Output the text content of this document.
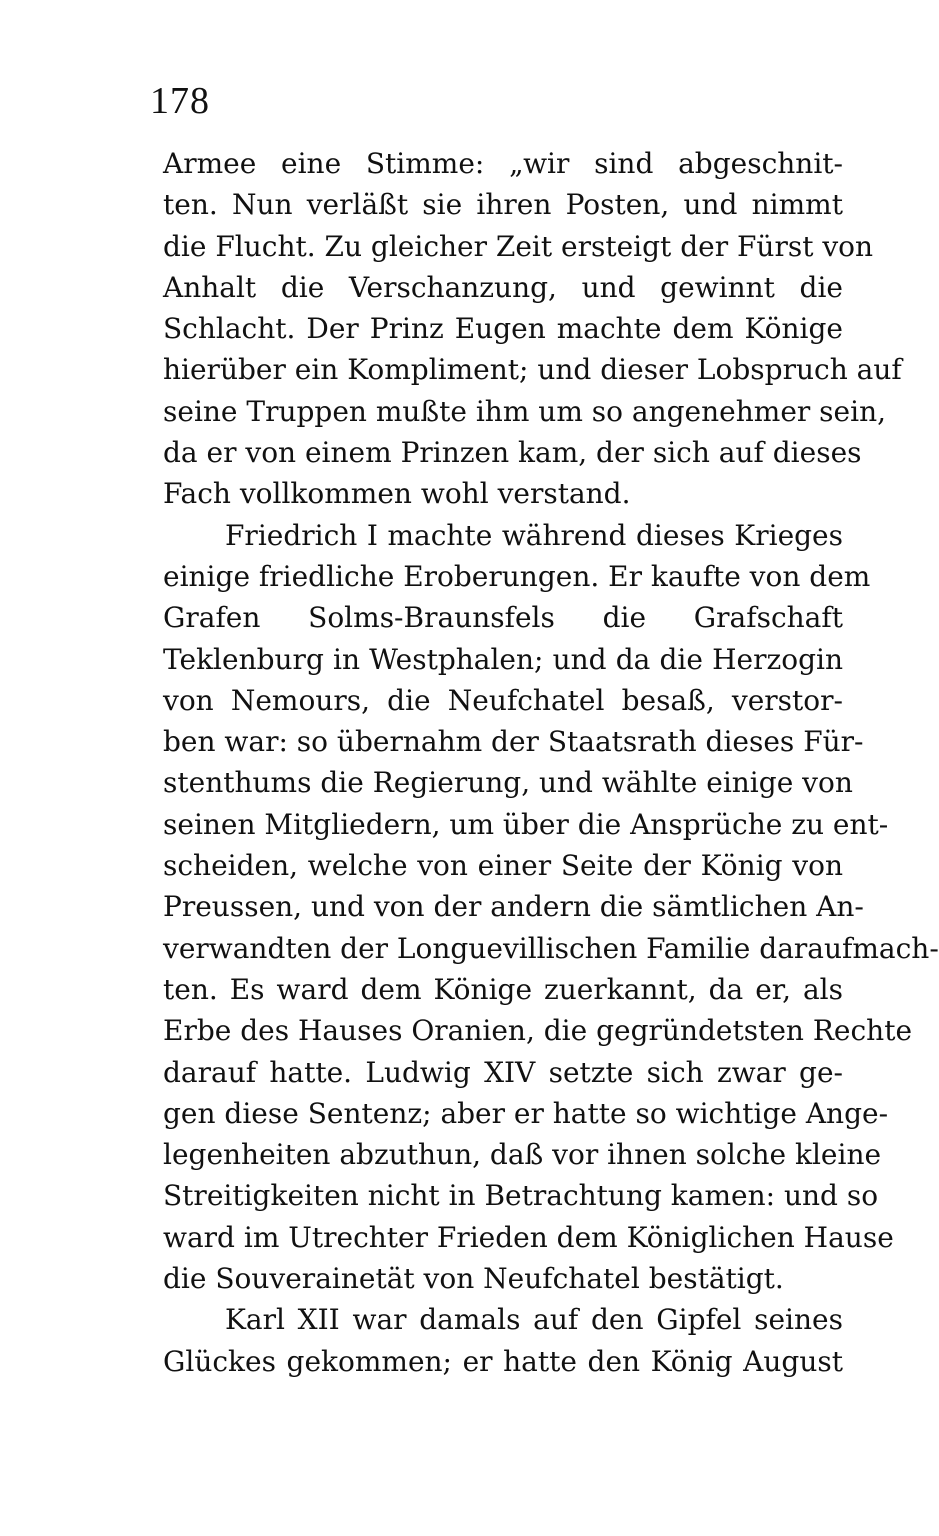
178
Armee eine Stimme: „wir sind abgeschnit-
ten. Nun verläßt sie ihren Posten, und nimmt
die Flucht. Zu gleicher Zeit ersteigt der Fürst von
Anhalt die Verschanzung, und gewinnt die
Schlacht. Der Prinz Eugen machte dem Könige
hierüber ein Kompliment; und dieser Lobspruch auf
seine Truppen mußte ihm um so angenehmer sein,
da er von einem Prinzen kam, der sich auf dieses
Fach vollkommen wohl verstand.
Friedrich I machte während dieses Krieges
einige friedliche Eroberungen. Er kaufte von dem
Grafen Solms-Braunsfels die Grafschaft
Teklenburg in Westphalen; und da die Herzogin
von Nemours, die Neufchatel besaß, verstor-
ben war: so übernahm der Staatsrath dieses Für-
stenthums die Regierung, und wählte einige von
seinen Mitgliedern, um über die Ansprüche zu ent-
scheiden, welche von einer Seite der König von
Preussen, und von der andern die sämtlichen An-
verwandten der Longuevillischen Familie daraufmach-
ten. Es ward dem Könige zuerkannt, da er, als
Erbe des Hauses Oranien, die gegründetsten Rechte
darauf hatte. Ludwig XIV setzte sich zwar ge-
gen diese Sentenz; aber er hatte so wichtige Ange-
legenheiten abzuthun, daß vor ihnen solche kleine
Streitigkeiten nicht in Betrachtung kamen: und so
ward im Utrechter Frieden dem Königlichen Hause
die Souverainetät von Neufchatel bestätigt.
Karl XII war damals auf den Gipfel seines
Glückes gekommen; er hatte den König August
